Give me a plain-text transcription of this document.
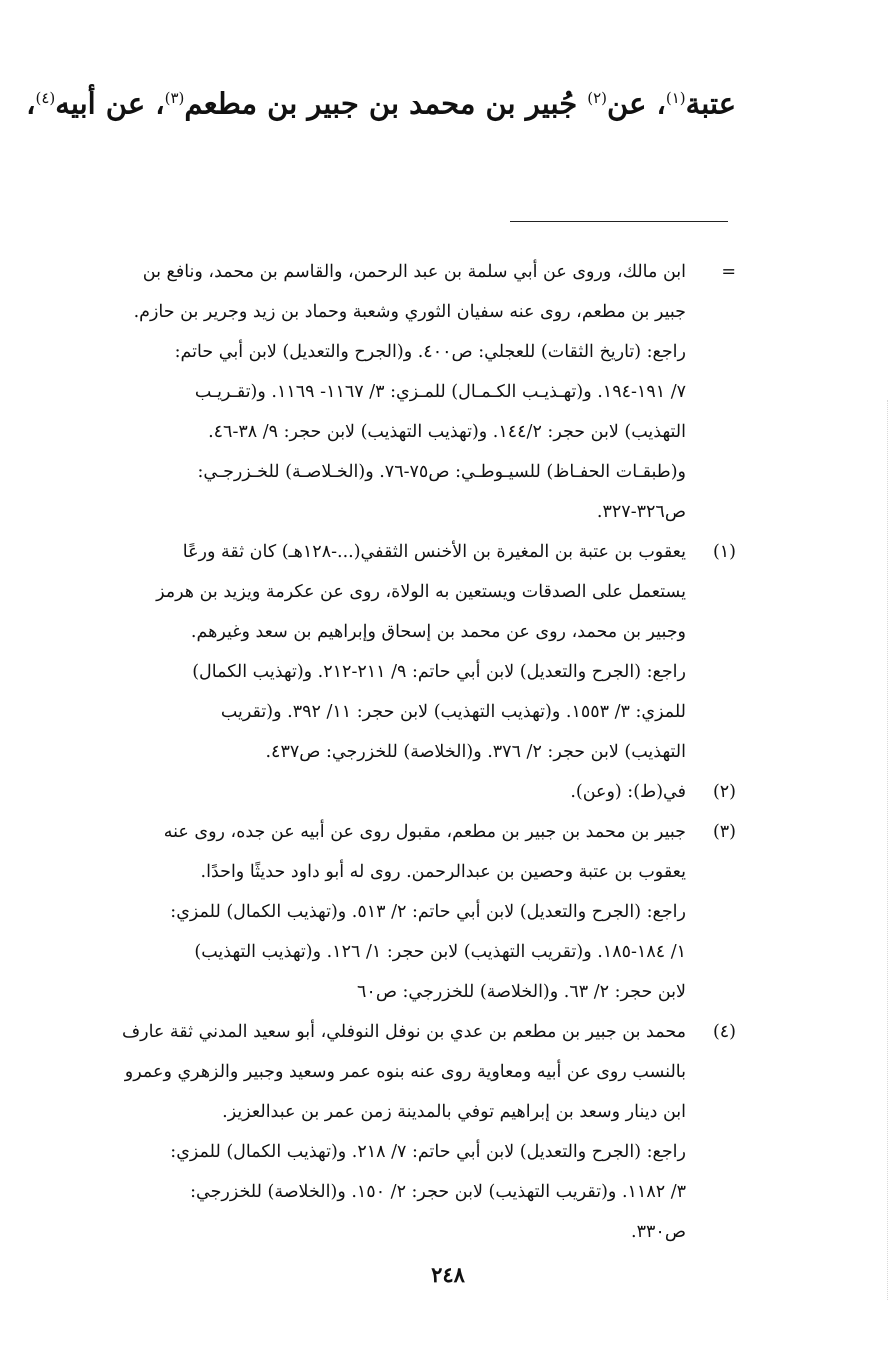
عتبة$^{(١)}$، عن$^{(٢)}$ جُبير بن محمد بن جبير بن مطعم$^{(٣)}$، عن أبيه$^{(٤)}$،
=
ابن مالك، وروى عن أبي سلمة بن عبد الرحمن، والقاسم بن محمد، ونافع بن
جبير بن مطعم، روى عنه سفيان الثوري وشعبة وحماد بن زيد وجرير بن حازم.
راجع: (تاريخ الثقات) للعجلي: ص٤٠٠. و(الجرح والتعديل) لابن أبي حاتم:
٧/ ١٩١-١٩٤. و(تهـذيـب الكـمـال) للمـزي: ٣/ ١١٦٧- ١١٦٩. و(تقـريـب
التهذيب) لابن حجر: ١٤٤/٢. و(تهذيب التهذيب) لابن حجر: ٩/ ٣٨-٤٦.
و(طبقـات الحفـاظ) للسيـوطـي: ص٧٥-٧٦. و(الخـلاصـة) للخـزرجـي:
ص٣٢٦-٣٢٧.
(١)
يعقوب بن عتبة بن المغيرة بن الأخنس الثقفي(...-١٢٨هـ) كان ثقة ورعًا
يستعمل على الصدقات ويستعين به الولاة، روى عن عكرمة ويزيد بن هرمز
وجبير بن محمد، روى عن محمد بن إسحاق وإبراهيم بن سعد وغيرهم.
راجع: (الجرح والتعديل) لابن أبي حاتم: ٩/ ٢١١-٢١٢. و(تهذيب الكمال)
للمزي: ٣/ ١٥٥٣. و(تهذيب التهذيب) لابن حجر: ١١/ ٣٩٢. و(تقريب
التهذيب) لابن حجر: ٢/ ٣٧٦. و(الخلاصة) للخزرجي: ص٤٣٧.
(٢)
في(ط): (وعن).
(٣)
جبير بن محمد بن جبير بن مطعم، مقبول روى عن أبيه عن جده، روى عنه
يعقوب بن عتبة وحصين بن عبدالرحمن. روى له أبو داود حديثًا واحدًا.
راجع: (الجرح والتعديل) لابن أبي حاتم: ٢/ ٥١٣. و(تهذيب الكمال) للمزي:
١/ ١٨٤-١٨٥. و(تقريب التهذيب) لابن حجر: ١/ ١٢٦. و(تهذيب التهذيب)
لابن حجر: ٢/ ٦٣. و(الخلاصة) للخزرجي: ص٦٠
(٤)
محمد بن جبير بن مطعم بن عدي بن نوفل النوفلي، أبو سعيد المدني ثقة عارف
بالنسب روى عن أبيه ومعاوية روى عنه بنوه عمر وسعيد وجبير والزهري وعمرو
ابن دينار وسعد بن إبراهيم توفي بالمدينة زمن عمر بن عبدالعزيز.
راجع: (الجرح والتعديل) لابن أبي حاتم: ٧/ ٢١٨. و(تهذيب الكمال) للمزي:
٣/ ١١٨٢. و(تقريب التهذيب) لابن حجر: ٢/ ١٥٠. و(الخلاصة) للخزرجي:
ص٣٣٠.
٢٤٨
